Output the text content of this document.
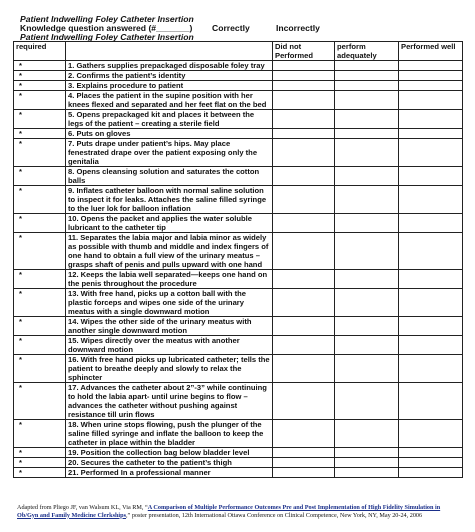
Patient Indwelling Foley Catheter Insertion
Knowledge question answered (#_______) Correctly	Incorrectly
Patient Indwelling Foley Catheter Insertion
required		Did not Performed	perform adequately	Performed well
*	1. Gathers supplies prepackaged disposable foley tray			
*	2. Confirms the patient’s identity			
*	3. Explains procedure to patient			
*	4. Places the patient in the supine position with her knees flexed and separated and her feet flat on the bed			
*	5. Opens prepackaged kit and places it between the legs of the patient – creating a sterile field			
*	6. Puts on gloves			
*	7. Puts drape under patient’s hips. May place fenestrated drape over the patient exposing only the genitalia			
*	8. Opens cleansing solution and saturates the cotton balls			
*	9. Inflates catheter balloon with normal saline solution to inspect it for leaks. Attaches the saline filled syringe to the luer lok for balloon inflation			
*	10. Opens the packet and applies the water soluble lubricant to the catheter tip			
*	11. Separates the labia major and labia minor as widely as possible with thumb and middle and index fingers of one hand to obtain a full view of the urinary meatus – grasps shaft of penis and pulls upward with one hand			
*	12. Keeps the labia well separated—keeps one hand on the penis throughout the procedure			
*	13. With free hand, picks up a cotton ball with the plastic forceps and wipes one side of the urinary meatus with a single downward motion			
*	14. Wipes the other side of the urinary meatus with another single downward motion			
*	15. Wipes directly over the meatus with another downward motion			
*	16. With free hand picks up lubricated catheter; tells the patient to breathe deeply and slowly to relax the sphincter			
*	17. Advances the catheter about 2”-3” while continuing to hold the labia apart- until urine begins to flow – advances the catheter without pushing against resistance till urin flows			
*	18. When urine stops flowing, push the plunger of the saline filled syringe and inflate the balloon to keep the catheter in place within the bladder			
*	19. Position the collection bag below bladder level			
*	20. Secures the catheter to the patient’s thigh			
*	21. Performed In a professional manner			
Adapted from Pliego JF, van Walsum KL, Via RM, “A Comparison of Multiple Performance Outcomes Pre and Post Implementation of High Fidelity Simulation in Ob/Gyn and Family Medicine Clerkships,” poster presentation, 12th International Ottawa Conference on Clinical Competence, New York, NY, May 20-24, 2006
